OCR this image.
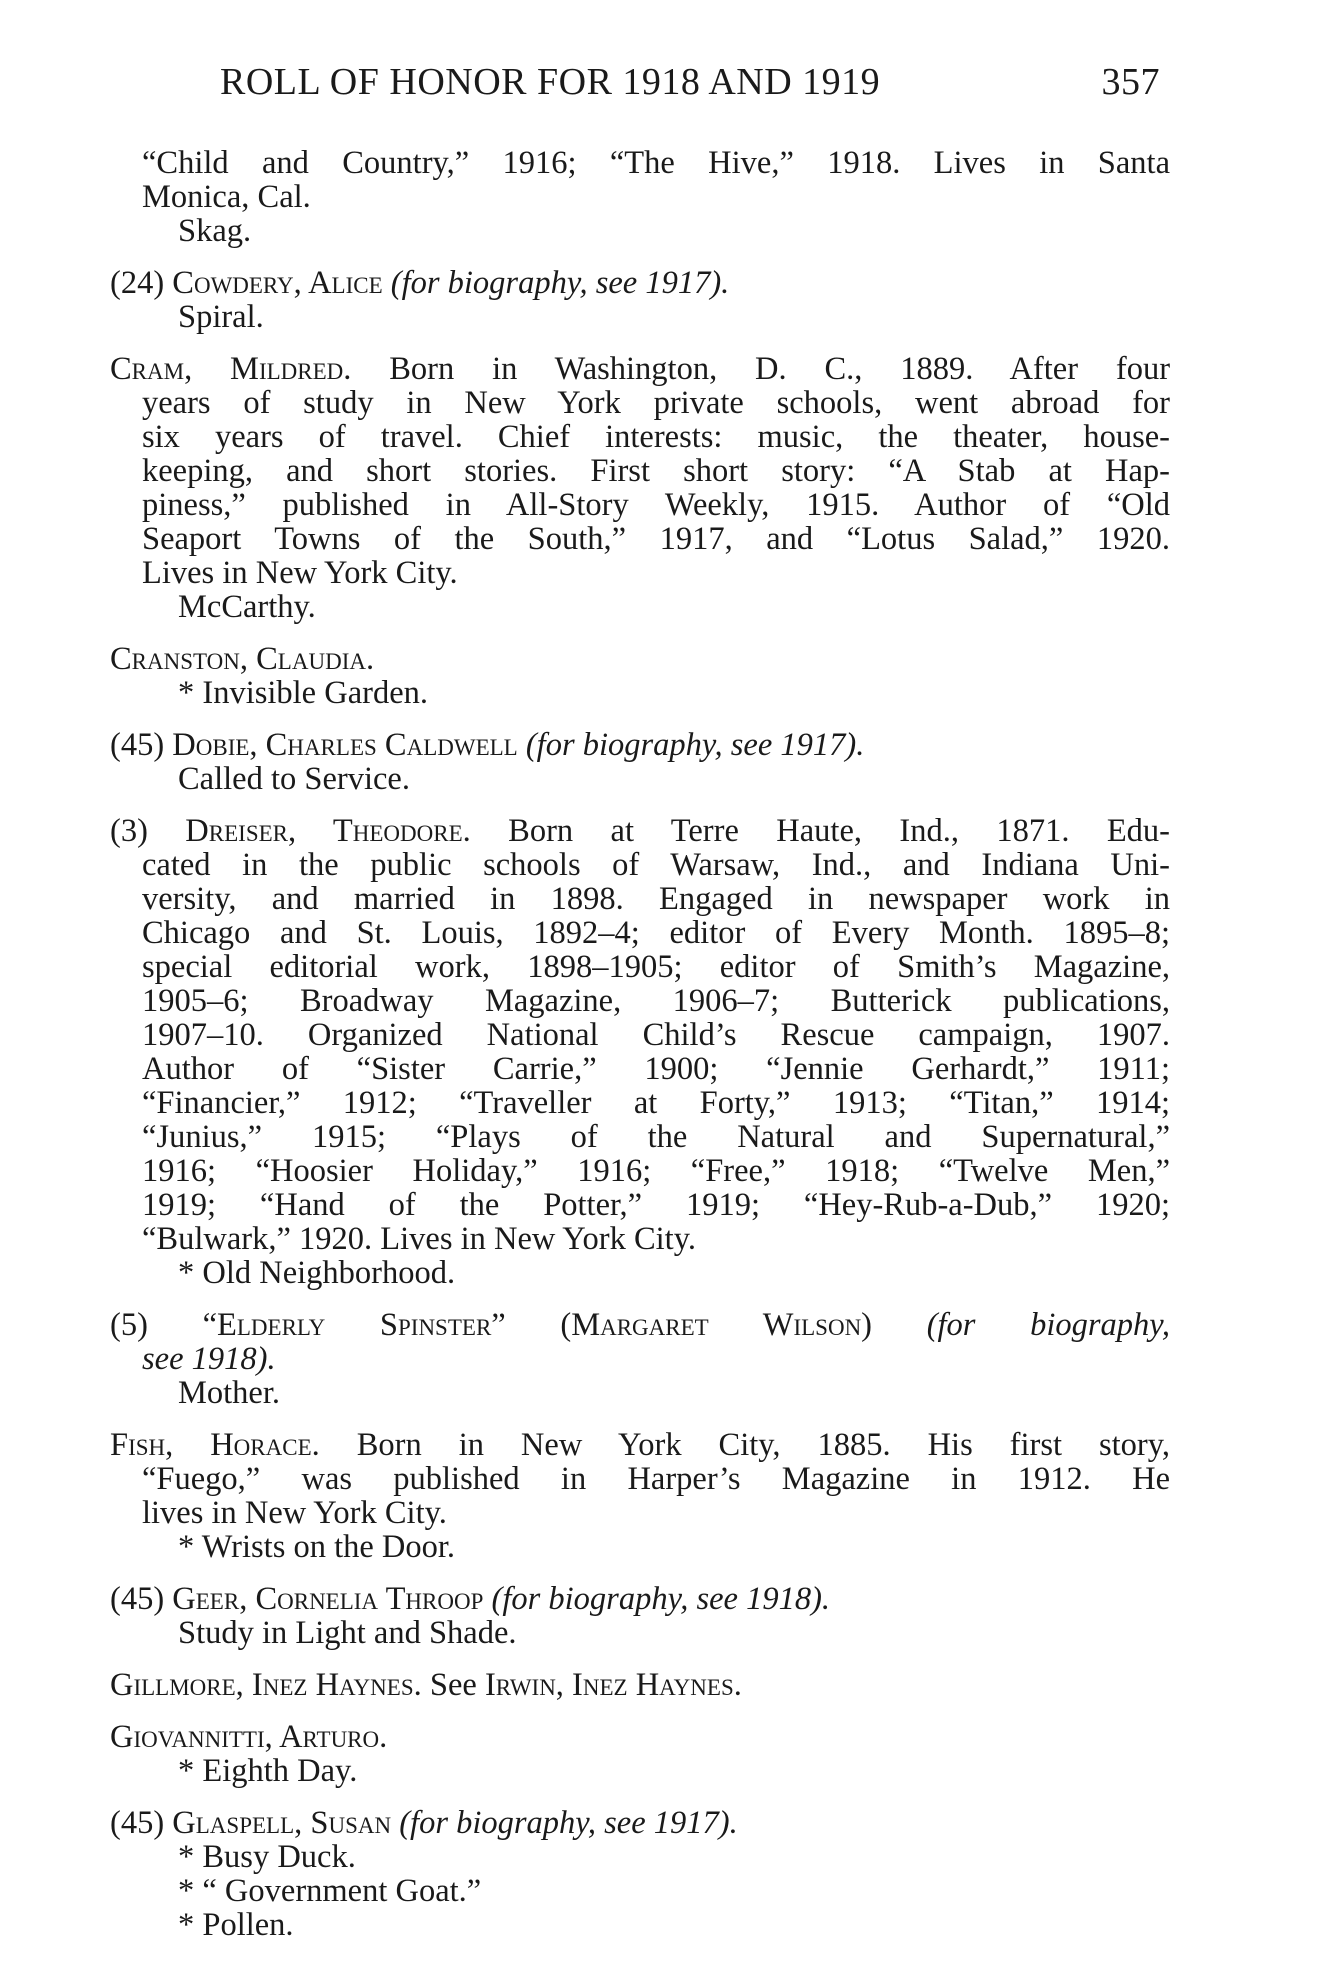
ROLL OF HONOR FOR 1918 AND 1919	357
“Child and Country,” 1916; “The Hive,” 1918. Lives in Santa
Monica, Cal.
Skag.
(24) Cowdery, Alice (for biography, see 1917).
Spiral.
Cram, Mildred. Born in Washington, D. C., 1889. After four
years of study in New York private schools, went abroad for
six years of travel. Chief interests: music, the theater, house-
keeping, and short stories. First short story: “A Stab at Hap-
piness,” published in All-Story Weekly, 1915. Author of “Old
Seaport Towns of the South,” 1917, and “Lotus Salad,” 1920.
Lives in New York City.
McCarthy.
Cranston, Claudia.
* Invisible Garden.
(45) Dobie, Charles Caldwell (for biography, see 1917).
Called to Service.
(3) Dreiser, Theodore. Born at Terre Haute, Ind., 1871. Edu-
cated in the public schools of Warsaw, Ind., and Indiana Uni-
versity, and married in 1898. Engaged in newspaper work in
Chicago and St. Louis, 1892–4; editor of Every Month. 1895–8;
special editorial work, 1898–1905; editor of Smith’s Magazine,
1905–6; Broadway Magazine, 1906–7; Butterick publications,
1907–10. Organized National Child’s Rescue campaign, 1907.
Author of “Sister Carrie,” 1900; “Jennie Gerhardt,” 1911;
“Financier,” 1912; “Traveller at Forty,” 1913; “Titan,” 1914;
“Junius,” 1915; “Plays of the Natural and Supernatural,”
1916; “Hoosier Holiday,” 1916; “Free,” 1918; “Twelve Men,”
1919; “Hand of the Potter,” 1919; “Hey-Rub-a-Dub,” 1920;
“Bulwark,” 1920. Lives in New York City.
* Old Neighborhood.
(5) “Elderly Spinster” (Margaret Wilson) (for biography,
see 1918).
Mother.
Fish, Horace. Born in New York City, 1885. His first story,
“Fuego,” was published in Harper’s Magazine in 1912. He
lives in New York City.
* Wrists on the Door.
(45) Geer, Cornelia Throop (for biography, see 1918).
Study in Light and Shade.
Gillmore, Inez Haynes. See Irwin, Inez Haynes.
Giovannitti, Arturo.
* Eighth Day.
(45) Glaspell, Susan (for biography, see 1917).
* Busy Duck.
* “ Government Goat.”
* Pollen.
